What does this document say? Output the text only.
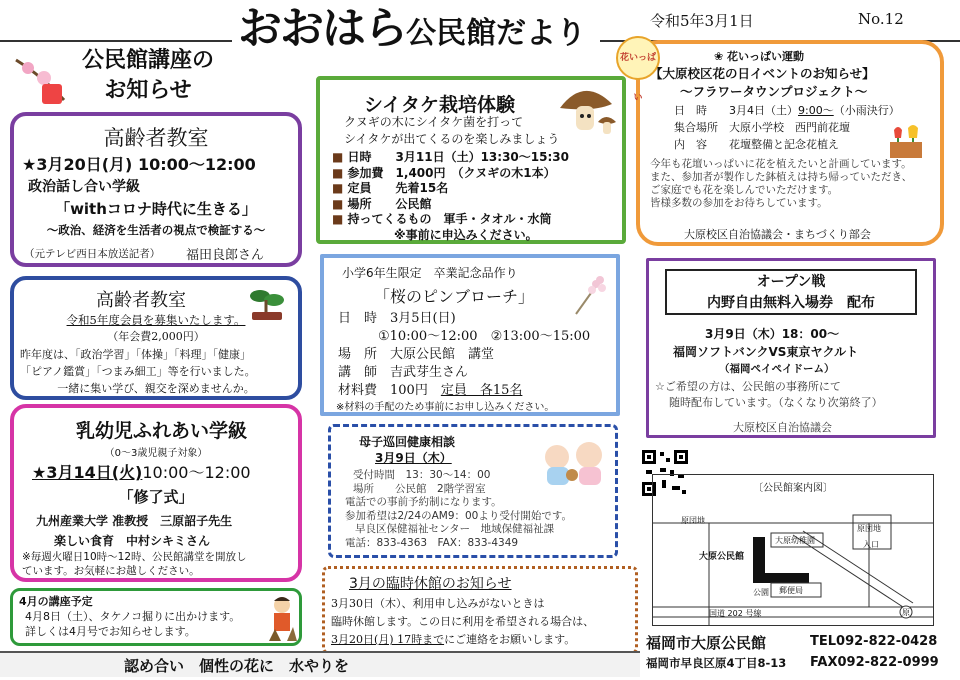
おおはら公民館だより	令和5年3月1日	No.12
公民館講座の
お知らせ
高齢者教室
★3月20日(月) 10:00～12:00
政治話し合い学級
「withコロナ時代に生きる」
～政治、経済を生活者の視点で検証する～
（元テレビ西日本放送記者） 福田良郎さん
高齢者教室
令和5年度会員を募集いたします。
（年会費2,000円）
昨年度は、「政治学習」「体操」「料理」「健康」
「ピアノ鑑賞」「つまみ細工」等を行いました。
一緒に集い学び、親交を深めませんか。
乳幼児ふれあい学級
（0～3歳児親子対象）
★3月14日(火)10:00～12:00
「修了式」
九州産業大学 准教授　三原詔子先生
楽しい食育　中村シキミさん
※毎週火曜日10時～12時、公民館講堂を開放し
ています。お気軽にお越しください。
4月の講座予定
4月8日（土）、タケノコ掘りに出かけます。
詳しくは4月号でお知らせします。
シイタケ栽培体験
クヌギの木にシイタケ菌を打って
シイタケが出てくるのを楽しみましょう
■ 日時　　3月11日（土）13:30～15:30
■ 参加費　1,400円　（クヌギの木1本）
■ 定員　　先着15名
■ 場所　　公民館
■ 持ってくるもの　軍手・タオル・水筒
※事前に申込みください。
小学6年生限定　卒業記念品作り
「桜のピンブローチ」
日　時　3月5日(日)
①10:00～12:00　②13:00～15:00
場　所　大原公民館　講堂
講　師　吉武芽生さん
材料費　100円　 定員　各15名
※材料の手配のため事前にお申し込みください。
母子巡回健康相談
3月9日（木）
受付時間　13：30～14：00
場所　　公民館　2階学習室
電話での事前予約制になります。
参加希望は2/24のAM9：00より受付開始です。
早良区保健福祉センター　地域保健福祉課
電話：833-4363　FAX：833-4349
3月の臨時休館のお知らせ
3月30日（木）、利用申し込みがないときは
臨時休館します。この日に利用を希望される場合は、
3月20日(月) 17時までにご連絡をお願いします。
花いっぱい
❀ 花いっぱい運動
【大原校区花の日イベントのお知らせ】
～フラワータウンプロジェクト～
日　時　　 3月4日（土）9:00～（小雨決行）
集合場所　 大原小学校　西門前花壇
内　容　　 花壇整備と記念花植え
今年も花壇いっぱいに花を植えたいと計画しています。
また、参加者が製作した鉢植えは持ち帰っていただき、
ご家庭でも花を楽しんでいただけます。
皆様多数の参加をお待ちしています。
大原校区自治協議会・まちづくり部会
オープン戦
内野自由無料入場券　配布
3月9日（木）18：00～
福岡ソフトバンクVS東京ヤクルト
（福岡ペイペイドーム）
☆ご希望の方は、公民館の事務所にて
随時配布しています。（なくなり次第終了）
大原校区自治協議会
〔公民館案内図〕
原団地
大原幼稚園
原団地
入口
大原公民館
公園 郵便局
国道 202 号線	原
認め合い　個性の花に　水やりを
福岡市大原公民館	TEL092-822-0428
福岡市早良区原4丁目8-13 FAX092-822-0999
